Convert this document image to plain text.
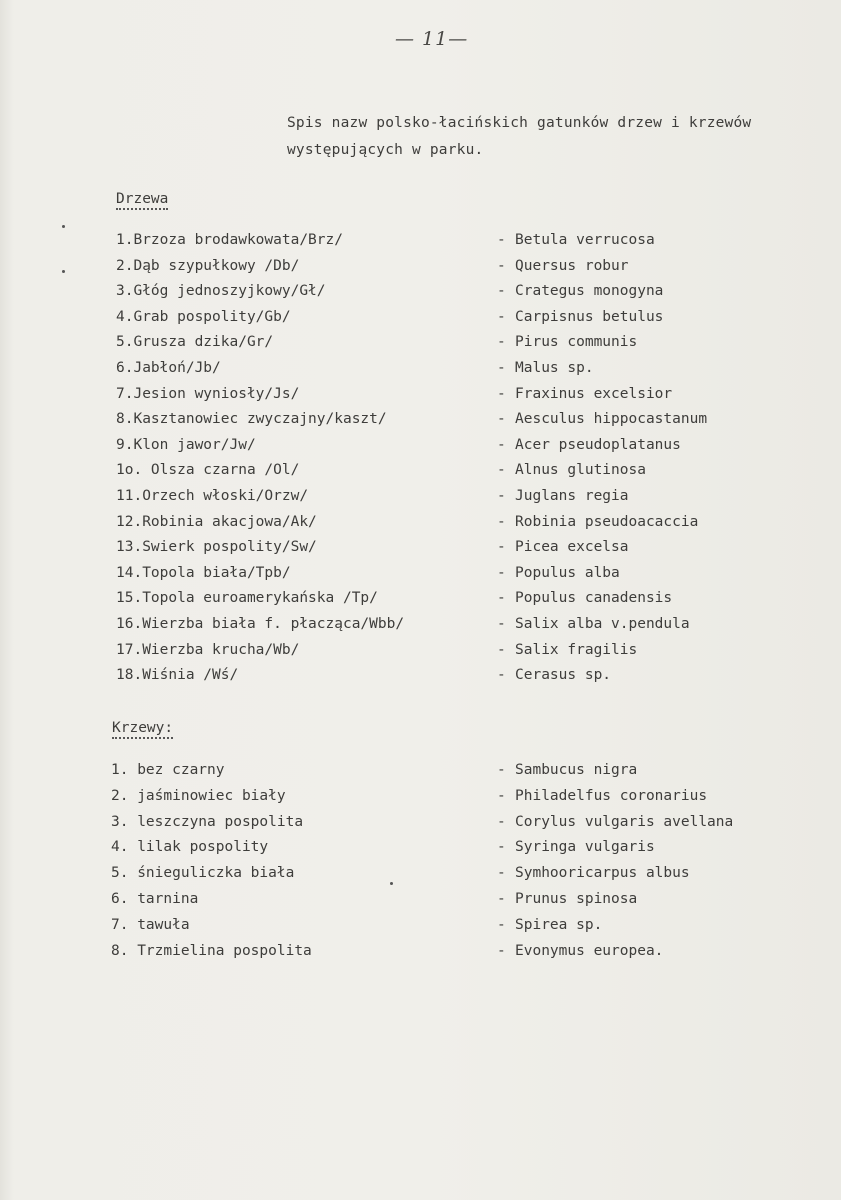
— 11—
Spis nazw polsko-łacińskich gatunków drzew i krzewów
występujących w parku.
Drzewa
1.Brzoza brodawkowata/Brz/	- Betula verrucosa
2.Dąb szypułkowy /Db/	- Quersus robur
3.Głóg jednoszyjkowy/Gł/	- Crategus monogyna
4.Grab pospolity/Gb/	- Carpisnus betulus
5.Grusza dzika/Gr/	- Pirus communis
6.Jabłoń/Jb/	- Malus sp.
7.Jesion wyniosły/Js/	- Fraxinus excelsior
8.Kasztanowiec zwyczajny/kaszt/	- Aesculus hippocastanum
9.Klon jawor/Jw/	- Acer pseudoplatanus
1o. Olsza czarna /Ol/	- Alnus glutinosa
11.Orzech włoski/Orzw/	- Juglans regia
12.Robinia akacjowa/Ak/	- Robinia pseudoacaccia
13.Swierk pospolity/Sw/	- Picea excelsa
14.Topola biała/Tpb/	- Populus alba
15.Topola euroamerykańska /Tp/	- Populus canadensis
16.Wierzba biała f. płacząca/Wbb/	- Salix alba v.pendula
17.Wierzba krucha/Wb/	- Salix fragilis
18.Wiśnia /Wś/	- Cerasus sp.
Krzewy:
1. bez czarny	- Sambucus nigra
2. jaśminowiec biały	- Philadelfus coronarius
3. leszczyna pospolita	- Corylus vulgaris avellana
4. lilak pospolity	- Syringa vulgaris
5. śnieguliczka biała	- Symhooricarpus albus
6. tarnina	- Prunus spinosa
7. tawuła	- Spirea sp.
8. Trzmielina pospolita	- Evonymus europea.
